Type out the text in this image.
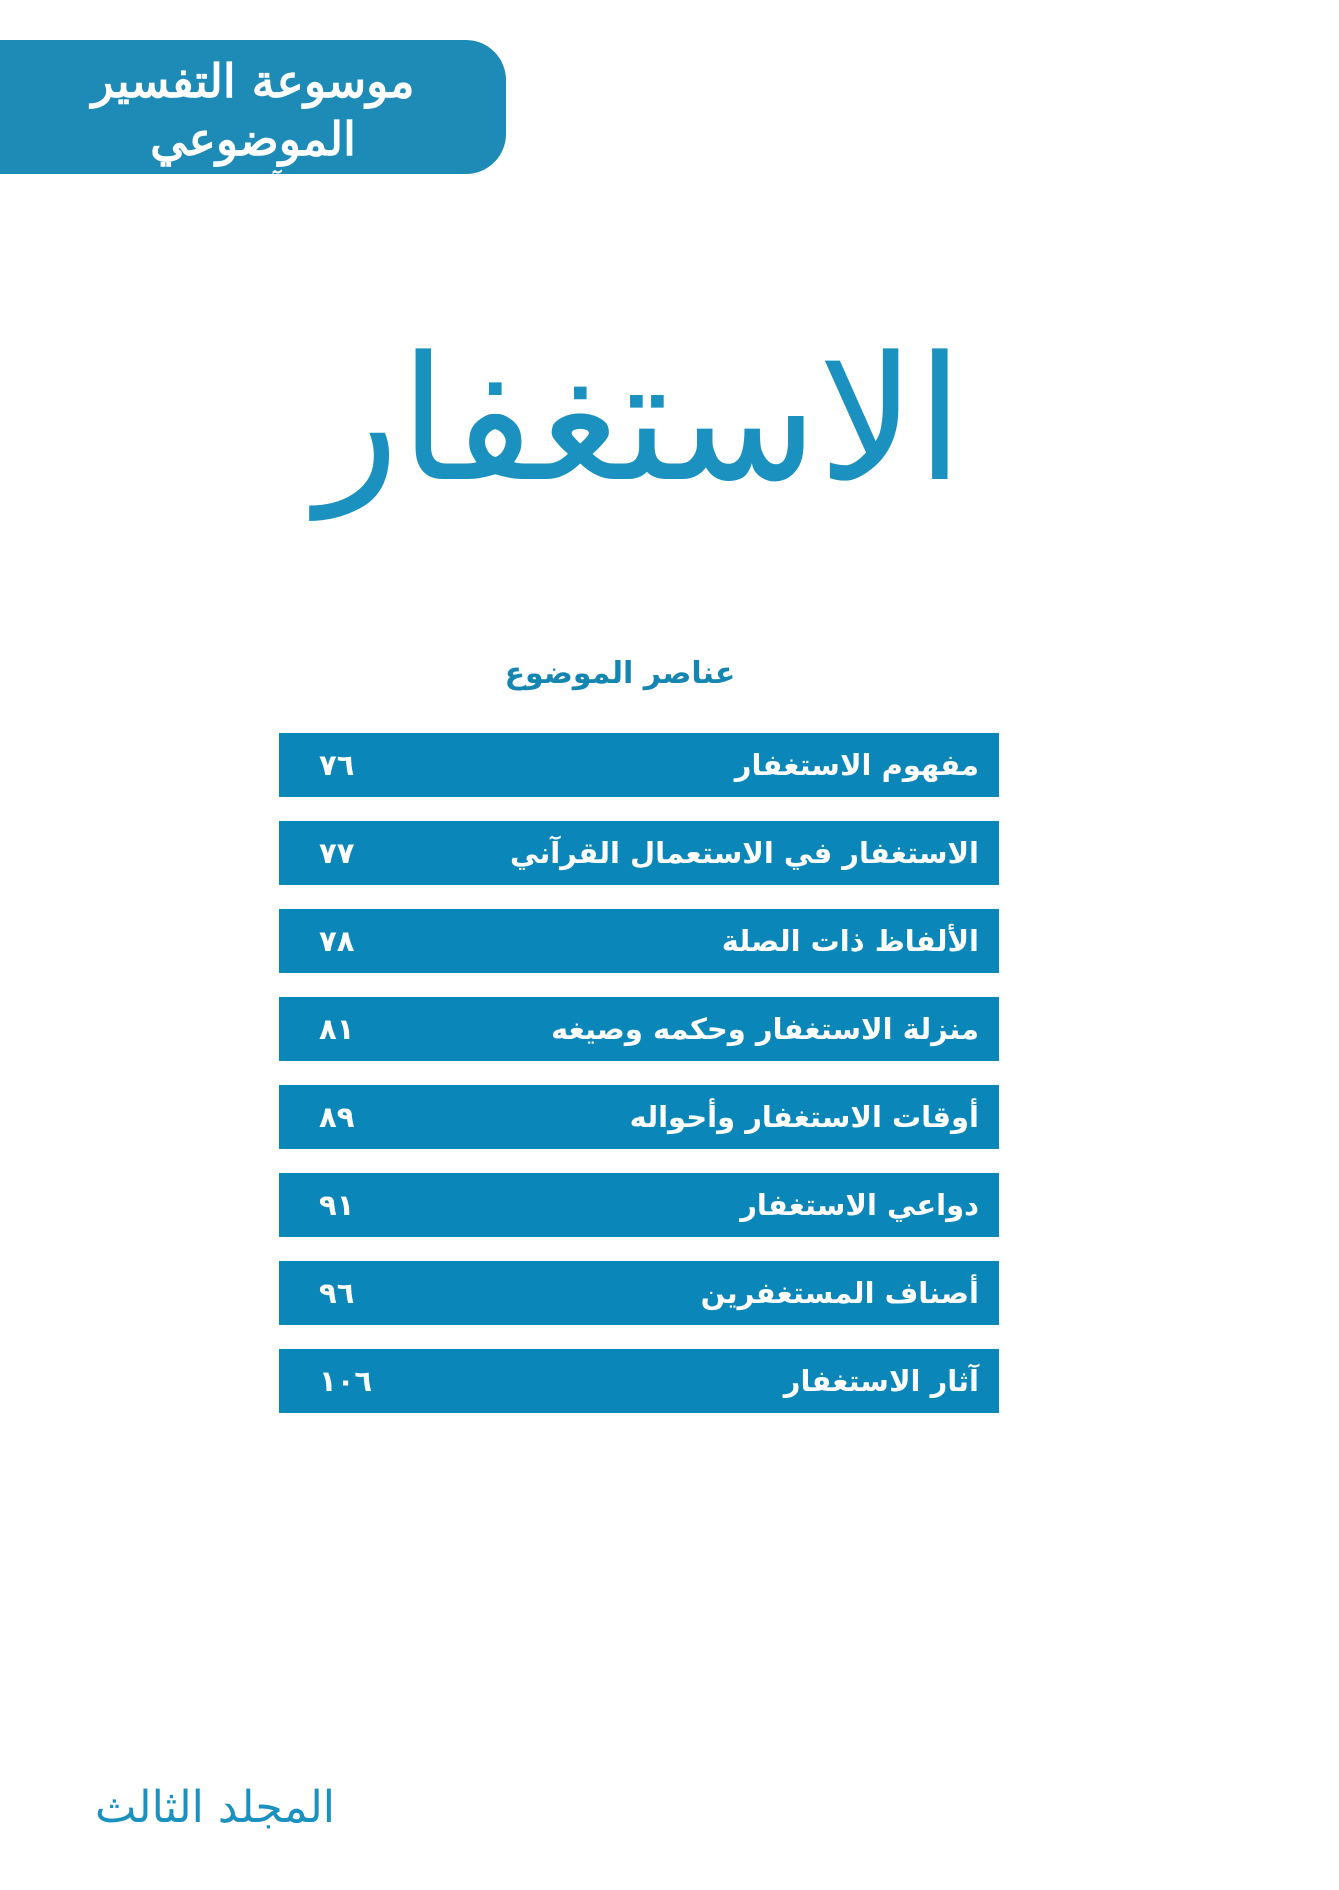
موسوعة التفسير الموضوعي
للقرآن الكريم
الاستغفار
عناصر الموضوع
مفهوم الاستغفار
٧٦
الاستغفار في الاستعمال القرآني
٧٧
الألفاظ ذات الصلة
٧٨
منزلة الاستغفار وحكمه وصيغه
٨١
أوقات الاستغفار وأحواله
٨٩
دواعي الاستغفار
٩١
أصناف المستغفرين
٩٦
آثار الاستغفار
١٠٦
المجلد الثالث
